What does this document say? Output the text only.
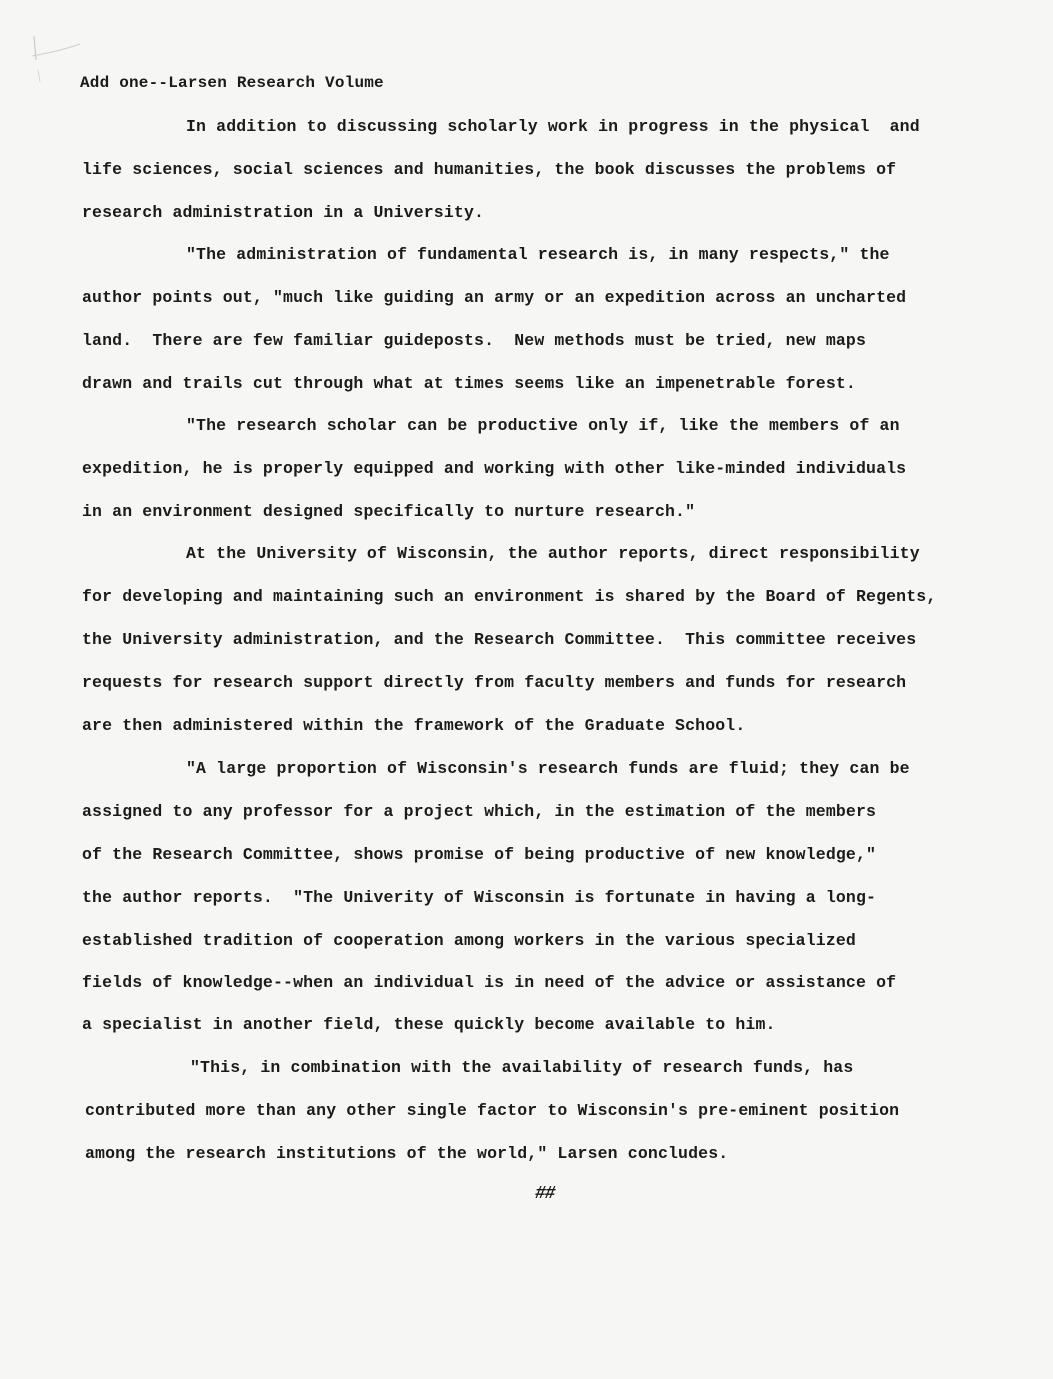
Add one--Larsen Research Volume
In addition to discussing scholarly work in progress in the physical  and
life sciences, social sciences and humanities, the book discusses the problems of
research administration in a University.
"The administration of fundamental research is, in many respects," the
author points out, "much like guiding an army or an expedition across an uncharted
land.  There are few familiar guideposts.  New methods must be tried, new maps
drawn and trails cut through what at times seems like an impenetrable forest.
"The research scholar can be productive only if, like the members of an
expedition, he is properly equipped and working with other like-minded individuals
in an environment designed specifically to nurture research."
At the University of Wisconsin, the author reports, direct responsibility
for developing and maintaining such an environment is shared by the Board of Regents,
the University administration, and the Research Committee.  This committee receives
requests for research support directly from faculty members and funds for research
are then administered within the framework of the Graduate School.
"A large proportion of Wisconsin's research funds are fluid; they can be
assigned to any professor for a project which, in the estimation of the members
of the Research Committee, shows promise of being productive of new knowledge,"
the author reports.  "The Univerity of Wisconsin is fortunate in having a long-
established tradition of cooperation among workers in the various specialized
fields of knowledge--when an individual is in need of the advice or assistance of
a specialist in another field, these quickly become available to him.
"This, in combination with the availability of research funds, has
contributed more than any other single factor to Wisconsin's pre-eminent position
among the research institutions of the world," Larsen concludes.
##
